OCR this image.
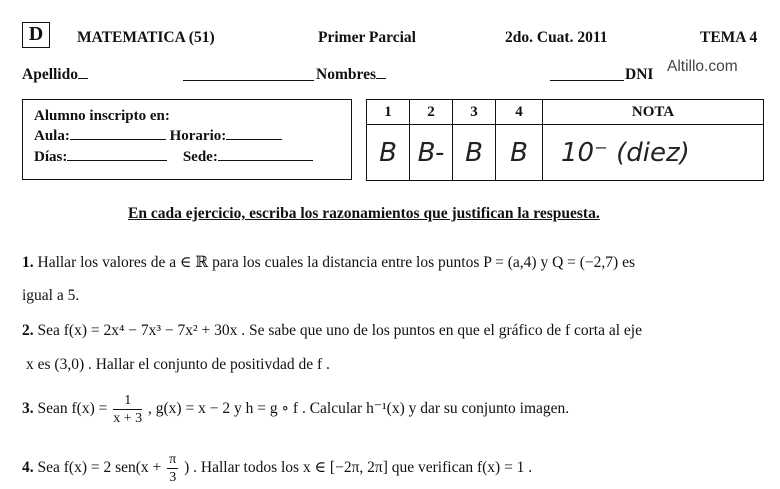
D	MATEMATICA (51)	Primer Parcial	2do. Cuat. 2011	TEMA 4
Apellido	Nombres	DNI Altillo.com
Alumno inscripto en:
Aula:	Horario:
Días:	Sede:
1	2	3	4	NOTA
B	B-	B	B	10⁻ (diez)
En cada ejercicio, escriba los razonamientos que justifican la respuesta.
1. Hallar los valores de a ∈ ℝ para los cuales la distancia entre los puntos P = (a,4) y Q = (−2,7) es
igual a 5.
2. Sea f(x) = 2x⁴ − 7x³ − 7x² + 30x . Se sabe que uno de los puntos en que el gráfico de f corta al eje
x es (3,0) . Hallar el conjunto de positivdad de f .
3. Sean $f(x) = \frac{1}{x + 3}$ , g(x) = x − 2 y h = g ∘ f . Calcular h⁻¹(x) y dar su conjunto imagen.
4. Sea f(x) = 2 $sen(x + \frac{\pi}{3}$ ) . Hallar todos los x ∈ [−2π, 2π] que verifican f(x) = 1 .
